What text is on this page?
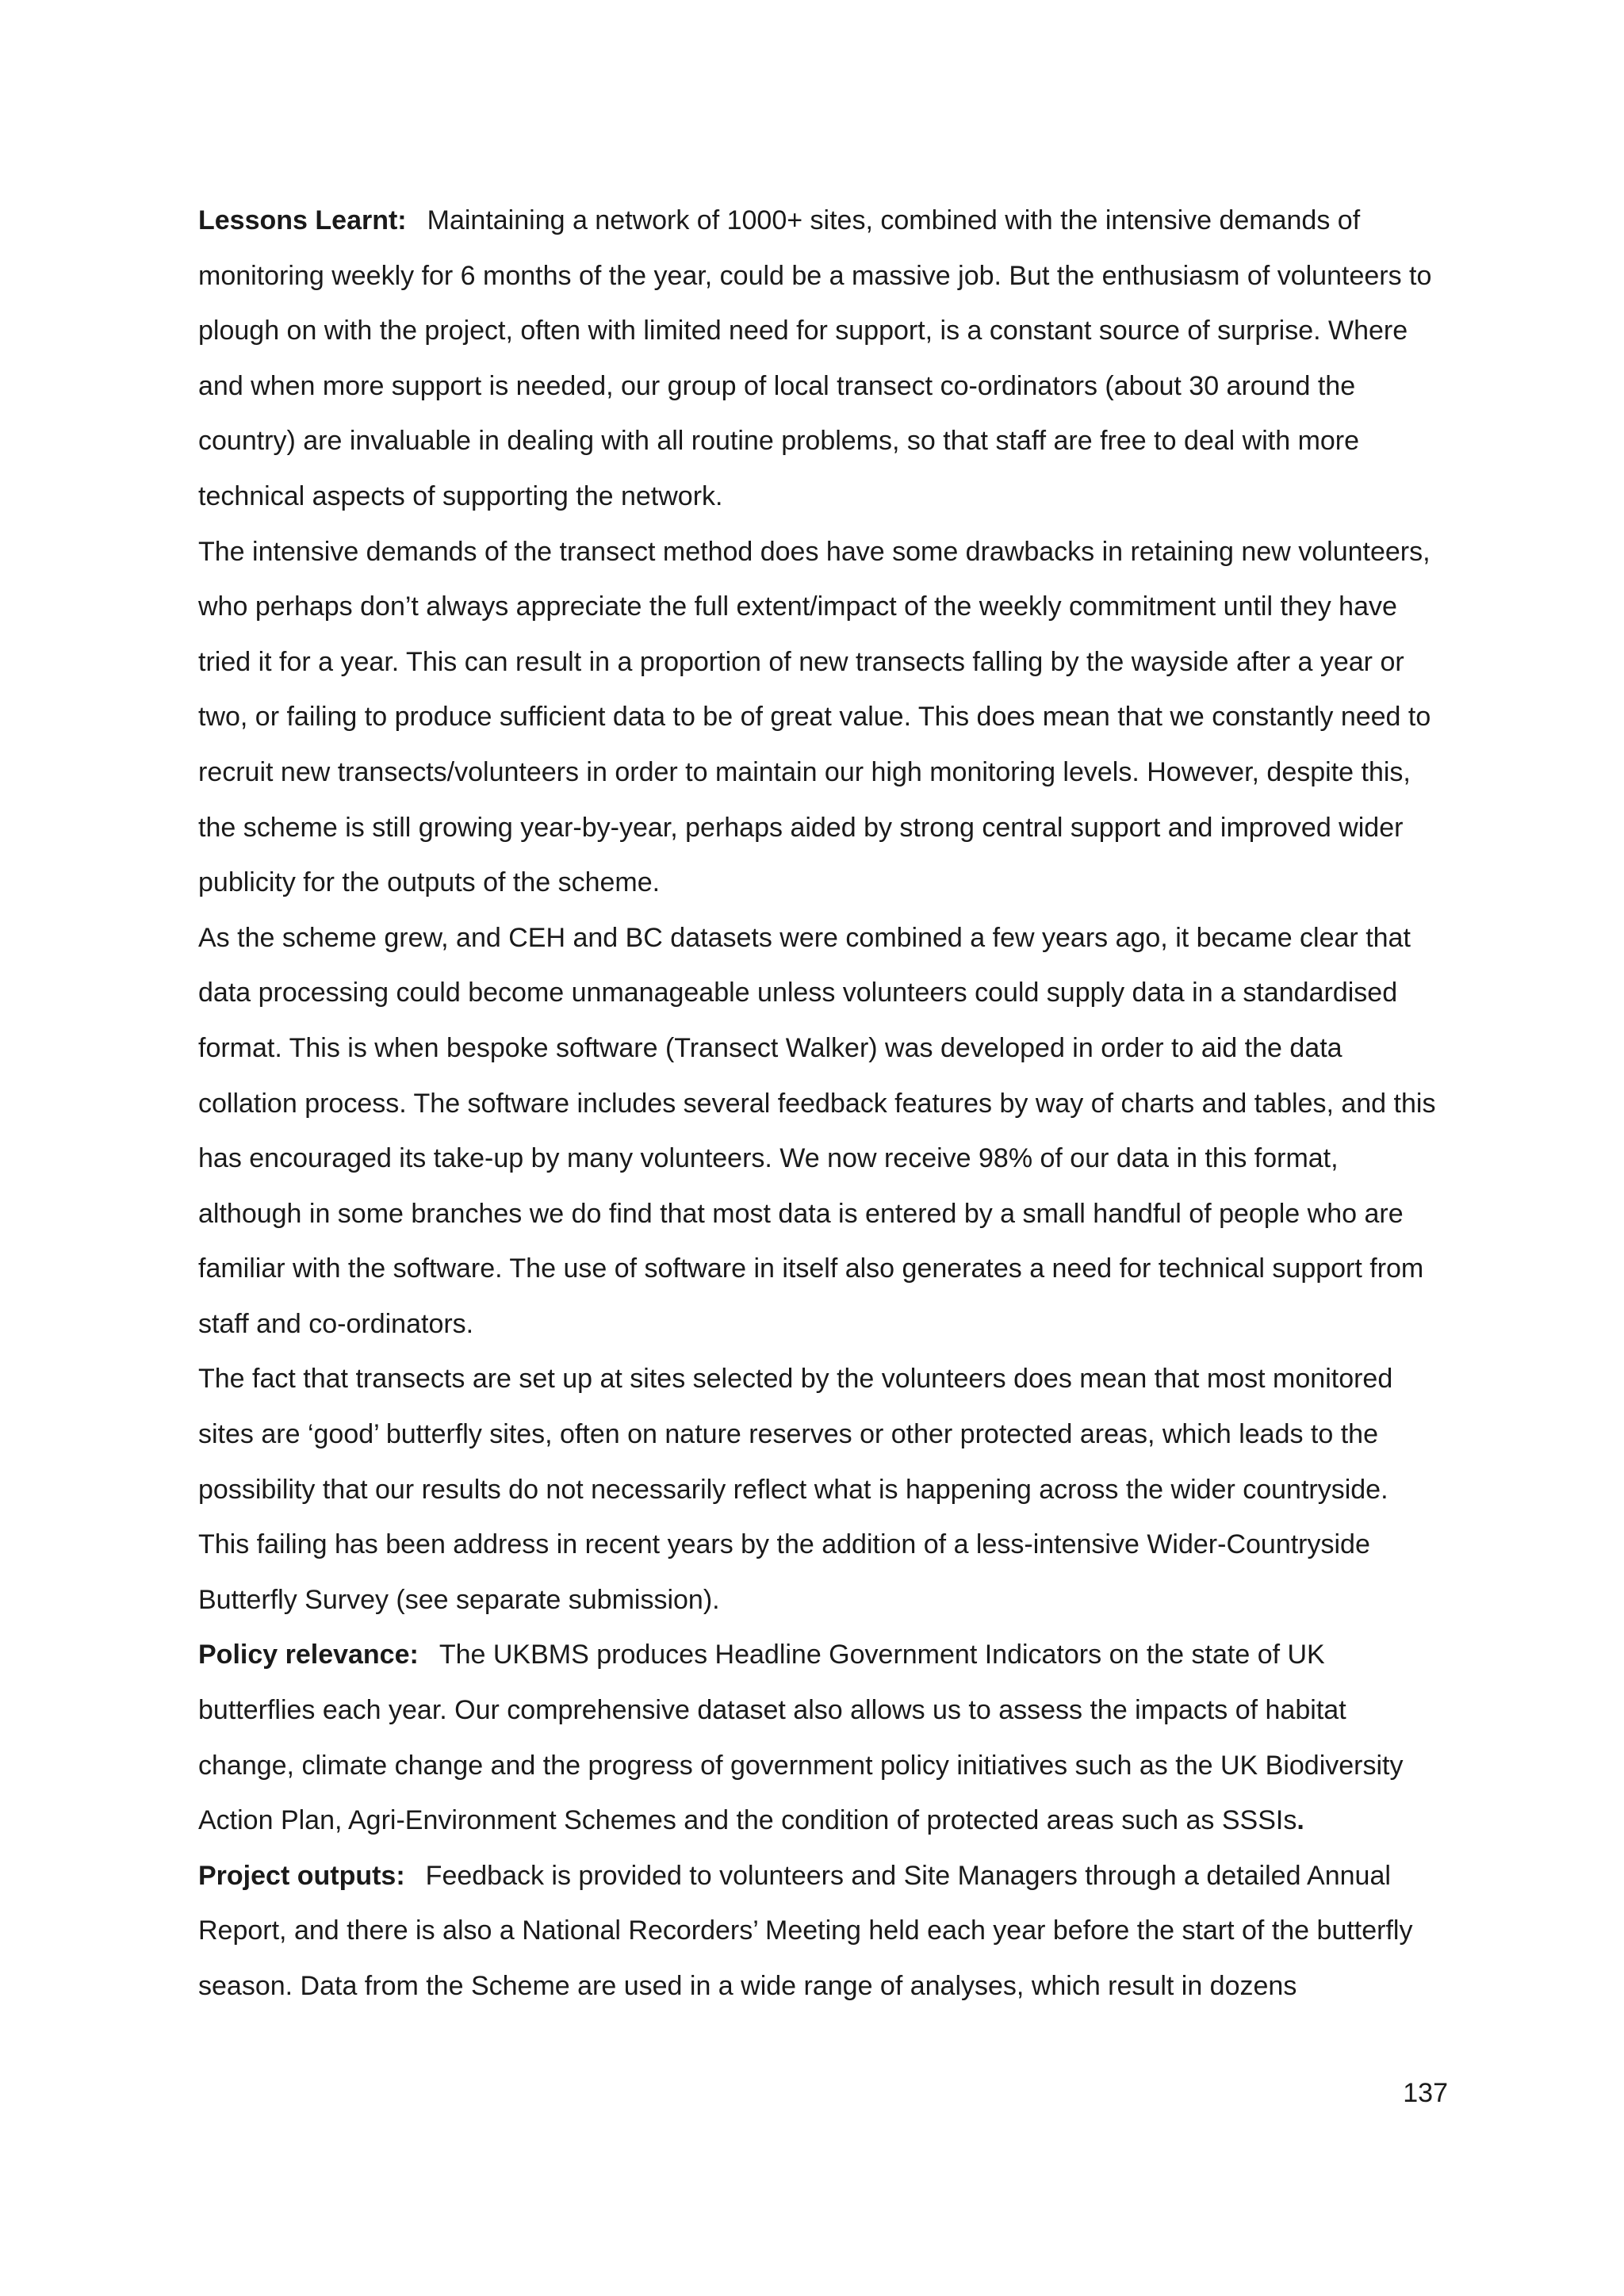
Lessons Learnt: Maintaining a network of 1000+ sites, combined with the intensive demands of monitoring weekly for 6 months of the year, could be a massive job. But the enthusiasm of volunteers to plough on with the project, often with limited need for support, is a constant source of surprise. Where and when more support is needed, our group of local transect co-ordinators (about 30 around the country) are invaluable in dealing with all routine problems, so that staff are free to deal with more technical aspects of supporting the network.

The intensive demands of the transect method does have some drawbacks in retaining new volunteers, who perhaps don’t always appreciate the full extent/impact of the weekly commitment until they have tried it for a year. This can result in a proportion of new transects falling by the wayside after a year or two, or failing to produce sufficient data to be of great value. This does mean that we constantly need to recruit new transects/volunteers in order to maintain our high monitoring levels. However, despite this, the scheme is still growing year-by-year, perhaps aided by strong central support and improved wider publicity for the outputs of the scheme.

As the scheme grew, and CEH and BC datasets were combined a few years ago, it became clear that data processing could become unmanageable unless volunteers could supply data in a standardised format. This is when bespoke software (Transect Walker) was developed in order to aid the data collation process. The software includes several feedback features by way of charts and tables, and this has encouraged its take-up by many volunteers. We now receive 98% of our data in this format, although in some branches we do find that most data is entered by a small handful of people who are familiar with the software. The use of software in itself also generates a need for technical support from staff and co-ordinators.

The fact that transects are set up at sites selected by the volunteers does mean that most monitored sites are ‘good’ butterfly sites, often on nature reserves or other protected areas, which leads to the possibility that our results do not necessarily reflect what is happening across the wider countryside. This failing has been address in recent years by the addition of a less-intensive Wider-Countryside Butterfly Survey (see separate submission).

Policy relevance: The UKBMS produces Headline Government Indicators on the state of UK butterflies each year. Our comprehensive dataset also allows us to assess the impacts of habitat change, climate change and the progress of government policy initiatives such as the UK Biodiversity Action Plan, Agri-Environment Schemes and the condition of protected areas such as SSSIs.

Project outputs: Feedback is provided to volunteers and Site Managers through a detailed Annual Report, and there is also a National Recorders’ Meeting held each year before the start of the butterfly season. Data from the Scheme are used in a wide range of analyses, which result in dozens

137
